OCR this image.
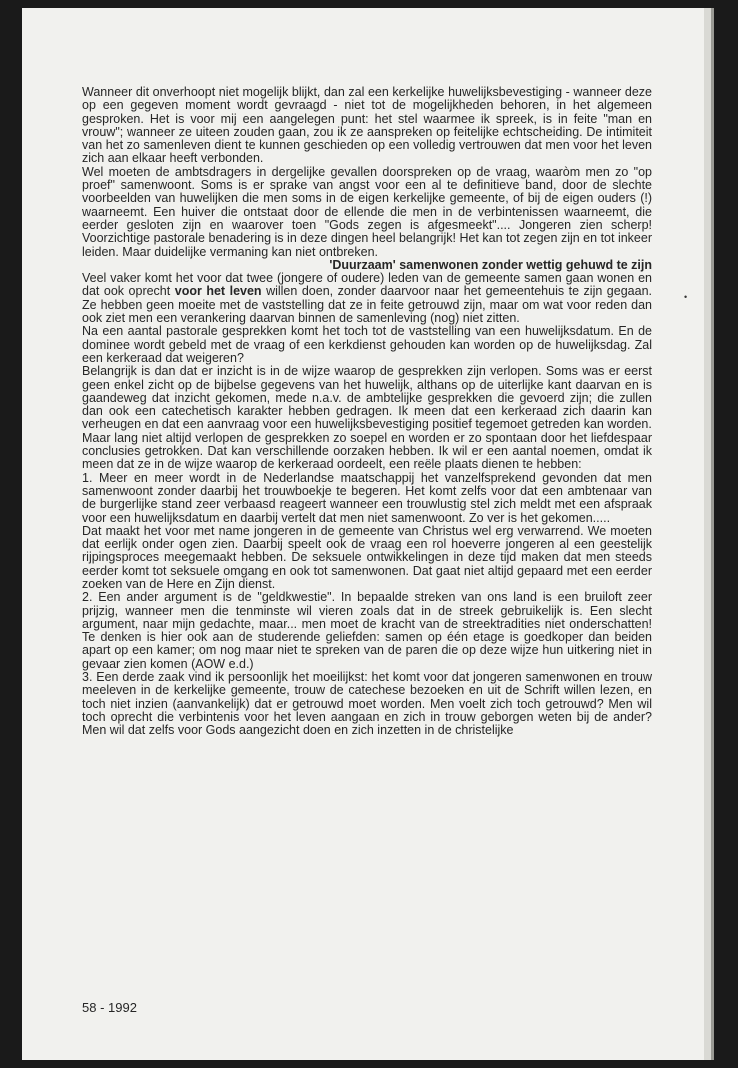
Wanneer dit onverhoopt niet mogelijk blijkt, dan zal een kerkelijke huwelijksbevestiging - wanneer deze op een gegeven moment wordt gevraagd - niet tot de mogelijkheden behoren, in het algemeen gesproken. Het is voor mij een aangelegen punt: het stel waarmee ik spreek, is in feite "man en vrouw"; wanneer ze uiteen zouden gaan, zou ik ze aanspreken op feitelijke echtscheiding. De intimiteit van het zo samenleven dient te kunnen geschieden op een volledig vertrouwen dat men voor het leven zich aan elkaar heeft verbonden.

Wel moeten de ambtsdragers in dergelijke gevallen doorspreken op de vraag, waaròm men zo "op proef" samenwoont. Soms is er sprake van angst voor een al te definitieve band, door de slechte voorbeelden van huwelijken die men soms in de eigen kerkelijke gemeente, of bij de eigen ouders (!) waarneemt. Een huiver die ontstaat door de ellende die men in de verbintenissen waarneemt, die eerder gesloten zijn en waarover toen "Gods zegen is afgesmeekt".... Jongeren zien scherp! Voorzichtige pastorale benadering is in deze dingen heel belangrijk! Het kan tot zegen zijn en tot inkeer leiden. Maar duidelijke vermaning kan niet ontbreken.

'Duurzaam' samenwonen zonder wettig gehuwd te zijn

Veel vaker komt het voor dat twee (jongere of oudere) leden van de gemeente samen gaan wonen en dat ook oprecht voor het leven willen doen, zonder daarvoor naar het gemeentehuis te zijn gegaan. Ze hebben geen moeite met de vaststelling dat ze in feite getrouwd zijn, maar om wat voor reden dan ook ziet men een verankering daarvan binnen de samenleving (nog) niet zitten.

Na een aantal pastorale gesprekken komt het toch tot de vaststelling van een huwelijksdatum. En de dominee wordt gebeld met de vraag of een kerkdienst gehouden kan worden op de huwelijksdag. Zal een kerkeraad dat weigeren?

Belangrijk is dan dat er inzicht is in de wijze waarop de gesprekken zijn verlopen. Soms was er eerst geen enkel zicht op de bijbelse gegevens van het huwelijk, althans op de uiterlijke kant daarvan en is gaandeweg dat inzicht gekomen, mede n.a.v. de ambtelijke gesprekken die gevoerd zijn; die zullen dan ook een catechetisch karakter hebben gedragen. Ik meen dat een kerkeraad zich daarin kan verheugen en dat een aanvraag voor een huwelijksbevestiging positief tegemoet getreden kan worden.

Maar lang niet altijd verlopen de gesprekken zo soepel en worden er zo spontaan door het liefdespaar conclusies getrokken. Dat kan verschillende oorzaken hebben. Ik wil er een aantal noemen, omdat ik meen dat ze in de wijze waarop de kerkeraad oordeelt, een reële plaats dienen te hebben:

1. Meer en meer wordt in de Nederlandse maatschappij het vanzelfsprekend gevonden dat men samenwoont zonder daarbij het trouwboekje te begeren. Het komt zelfs voor dat een ambtenaar van de burgerlijke stand zeer verbaasd reageert wanneer een trouwlustig stel zich meldt met een afspraak voor een huwelijksdatum en daarbij vertelt dat men niet samenwoont. Zo ver is het gekomen.....

Dat maakt het voor met name jongeren in de gemeente van Christus wel erg verwarrend. We moeten dat eerlijk onder ogen zien. Daarbij speelt ook de vraag een rol hoeverre jongeren al een geestelijk rijpingsproces meegemaakt hebben. De seksuele ontwikkelingen in deze tijd maken dat men steeds eerder komt tot seksuele omgang en ook tot samenwonen. Dat gaat niet altijd gepaard met een eerder zoeken van de Here en Zijn dienst.

2. Een ander argument is de "geldkwestie". In bepaalde streken van ons land is een bruiloft zeer prijzig, wanneer men die tenminste wil vieren zoals dat in de streek gebruikelijk is. Een slecht argument, naar mijn gedachte, maar... men moet de kracht van de streektradities niet onderschatten! Te denken is hier ook aan de studerende geliefden: samen op één etage is goedkoper dan beiden apart op een kamer; om nog maar niet te spreken van de paren die op deze wijze hun uitkering niet in gevaar zien komen (AOW e.d.)

3. Een derde zaak vind ik persoonlijk het moeilijkst: het komt voor dat jongeren samenwonen en trouw meeleven in de kerkelijke gemeente, trouw de catechese bezoeken en uit de Schrift willen lezen, en toch niet inzien (aanvankelijk) dat er getrouwd moet worden. Men voelt zich toch getrouwd? Men wil toch oprecht die verbintenis voor het leven aangaan en zich in trouw geborgen weten bij de ander? Men wil dat zelfs voor Gods aangezicht doen en zich inzetten in de christelijke

•
58 - 1992
